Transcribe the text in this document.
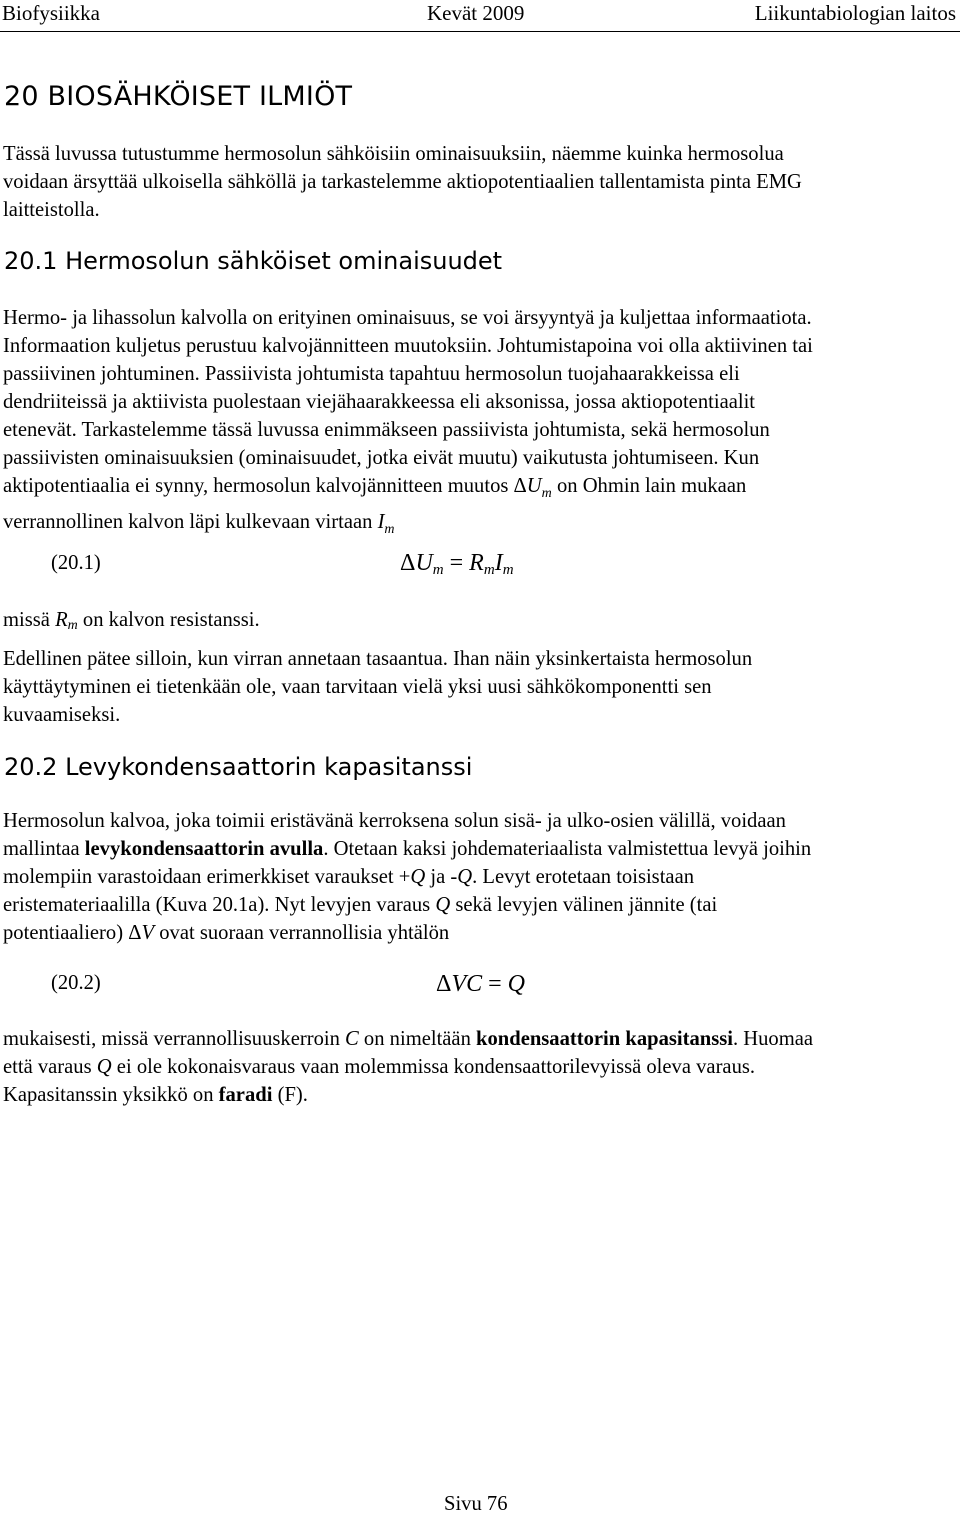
Biofysiikka	Kevät 2009	Liikuntabiologian laitos
20 BIOSÄHKÖISET ILMIÖT
Tässä luvussa tutustumme hermosolun sähköisiin ominaisuuksiin, näemme kuinka hermosolua
voidaan ärsyttää ulkoisella sähköllä ja tarkastelemme aktiopotentiaalien tallentamista pinta EMG
laitteistolla.
20.1 Hermosolun sähköiset ominaisuudet
Hermo- ja lihassolun kalvolla on erityinen ominaisuus, se voi ärsyyntyä ja kuljettaa informaatiota.
Informaation kuljetus perustuu kalvojännitteen muutoksiin. Johtumistapoina voi olla aktiivinen tai
passiivinen johtuminen. Passiivista johtumista tapahtuu hermosolun tuojahaarakkeissa eli
dendriiteissä ja aktiivista puolestaan viejähaarakkeessa eli aksonissa, jossa aktiopotentiaalit
etenevät. Tarkastelemme tässä luvussa enimmäkseen passiivista johtumista, sekä hermosolun
passiivisten ominaisuuksien (ominaisuudet, jotka eivät muutu) vaikutusta johtumiseen. Kun
aktipotentiaalia ei synny, hermosolun kalvojännitteen muutos $\Delta U_m$ on Ohmin lain mukaan
verrannollinen kalvon läpi kulkevaan virtaan $I_m$
(20.1)	$\Delta U_m = R_mI_m$
missä $R_m$ on kalvon resistanssi.
Edellinen pätee silloin, kun virran annetaan tasaantua. Ihan näin yksinkertaista hermosolun
käyttäytyminen ei tietenkään ole, vaan tarvitaan vielä yksi uusi sähkökomponentti sen
kuvaamiseksi.
20.2 Levykondensaattorin kapasitanssi
Hermosolun kalvoa, joka toimii eristävänä kerroksena solun sisä- ja ulko-osien välillä, voidaan
mallintaa levykondensaattorin avulla. Otetaan kaksi johdemateriaalista valmistettua levyä joihin
molempiin varastoidaan erimerkkiset varaukset +Q ja -Q. Levyt erotetaan toisistaan
eristemateriaalilla (Kuva 20.1a). Nyt levyjen varaus Q sekä levyjen välinen jännite (tai
potentiaaliero) ΔV ovat suoraan verrannollisia yhtälön
(20.2)	ΔVC = Q
mukaisesti, missä verrannollisuuskerroin C on nimeltään kondensaattorin kapasitanssi. Huomaa
että varaus Q ei ole kokonaisvaraus vaan molemmissa kondensaattorilevyissä oleva varaus.
Kapasitanssin yksikkö on faradi (F).
Sivu 76
